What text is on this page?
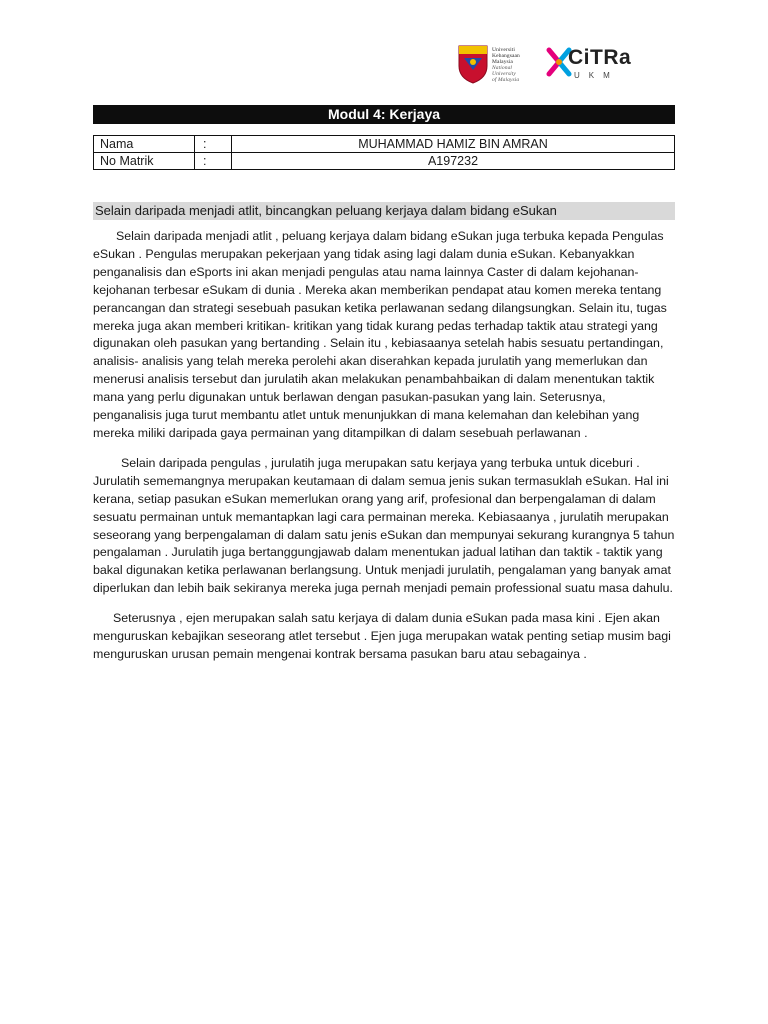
Universiti
Kebangsaan
Malaysia
National University
of Malaysia
CiTRa
UKM
Modul 4: Kerjaya
Nama	:	MUHAMMAD HAMIZ BIN AMRAN
No Matrik	:	A197232
Selain daripada menjadi atlit, bincangkan peluang kerjaya dalam bidang eSukan

Selain daripada menjadi atlit , peluang kerjaya dalam bidang eSukan juga terbuka kepada Pengulas eSukan . Pengulas merupakan pekerjaan yang tidak asing lagi dalam dunia eSukan. Kebanyakkan penganalisis dan eSports ini akan menjadi pengulas atau nama lainnya Caster di dalam kejohanan- kejohanan terbesar eSukam di dunia . Mereka akan memberikan pendapat atau komen mereka tentang perancangan dan strategi sesebuah pasukan ketika perlawanan sedang dilangsungkan. Selain itu, tugas mereka juga akan memberi kritikan- kritikan yang tidak kurang pedas terhadap taktik atau strategi yang digunakan oleh pasukan yang bertanding . Selain itu , kebiasaanya setelah habis sesuatu pertandingan, analisis- analisis yang telah mereka perolehi akan diserahkan kepada jurulatih yang memerlukan dan menerusi analisis tersebut dan jurulatih akan melakukan penambahbaikan di dalam menentukan taktik mana yang perlu digunakan untuk berlawan dengan pasukan-pasukan yang lain. Seterusnya, penganalisis juga turut membantu atlet untuk menunjukkan di mana kelemahan dan kelebihan yang mereka miliki daripada gaya permainan yang ditampilkan di dalam sesebuah perlawanan .

Selain daripada pengulas , jurulatih juga merupakan satu kerjaya yang terbuka untuk diceburi . Jurulatih sememangnya merupakan keutamaan di dalam semua jenis sukan termasuklah eSukan. Hal ini kerana, setiap pasukan eSukan memerlukan orang yang arif, profesional dan berpengalaman di dalam sesuatu permainan untuk memantapkan lagi cara permainan mereka. Kebiasaanya , jurulatih merupakan seseorang yang berpengalaman di dalam satu jenis eSukan dan mempunyai sekurang kurangnya 5 tahun pengalaman . Jurulatih juga bertanggungjawab dalam menentukan jadual latihan dan taktik - taktik yang bakal digunakan ketika perlawanan berlangsung. Untuk menjadi jurulatih, pengalaman yang banyak amat diperlukan dan lebih baik sekiranya mereka juga pernah menjadi pemain professional suatu masa dahulu.

Seterusnya , ejen merupakan salah satu kerjaya di dalam dunia eSukan pada masa kini . Ejen akan menguruskan kebajikan seseorang atlet tersebut . Ejen juga merupakan watak penting setiap musim bagi menguruskan urusan pemain mengenai kontrak bersama pasukan baru atau sebagainya .
